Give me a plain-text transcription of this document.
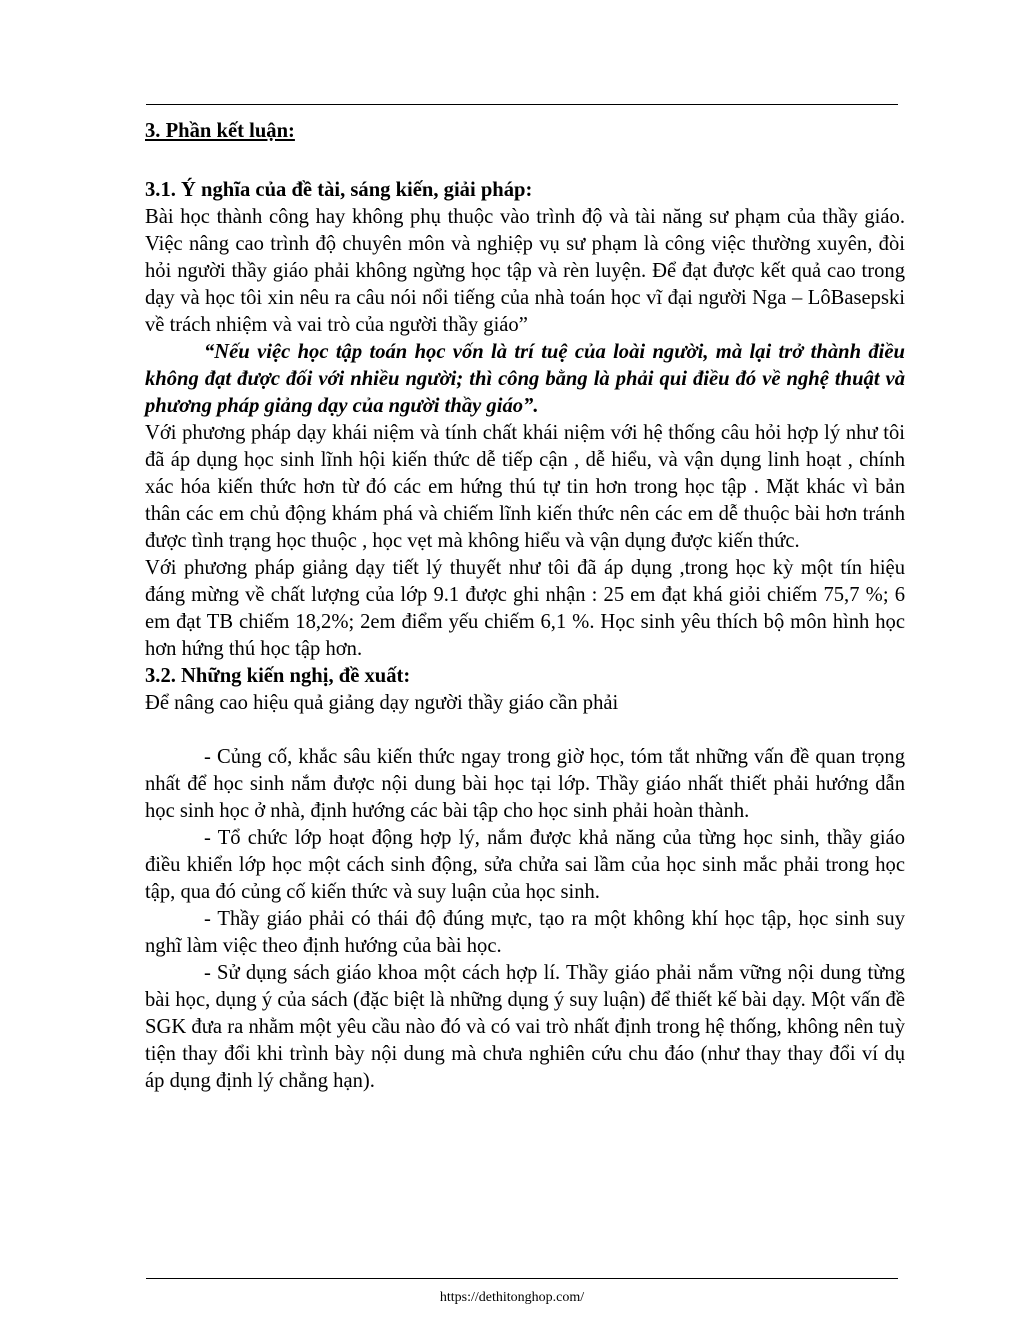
3. Phần kết luận:

3.1. Ý nghĩa của đề tài, sáng kiến, giải pháp:

Bài học thành công hay không phụ thuộc vào trình độ và tài năng sư phạm của thầy giáo. Việc nâng cao trình độ chuyên môn và nghiệp vụ sư phạm là công việc thường xuyên, đòi hỏi người thầy giáo phải không ngừng học tập và rèn luyện. Để đạt được kết quả cao trong dạy và học tôi xin nêu ra câu nói nổi tiếng của nhà toán học vĩ đại người Nga – LôBasepski về trách nhiệm và vai trò của người thầy giáo”

“Nếu việc học tập toán học vốn là trí tuệ của loài người, mà lại trở thành điều không đạt được đối với nhiều người; thì công bằng là phải qui điều đó về nghệ thuật và phương pháp giảng dạy của người thầy giáo”.

Với phương pháp dạy khái niệm và tính chất khái niệm với hệ thống câu hỏi hợp lý như tôi đã áp dụng học sinh lĩnh hội kiến thức dễ tiếp cận , dễ hiểu, và vận dụng linh hoạt , chính xác hóa kiến thức hơn từ đó các em hứng thú tự tin hơn trong học tập . Mặt khác vì bản thân các em chủ động khám phá và chiếm lĩnh kiến thức nên các em dễ thuộc bài hơn tránh được tình trạng học thuộc , học vẹt mà không hiểu và vận dụng được kiến thức.

Với phương pháp giảng dạy tiết lý thuyết như tôi đã áp dụng ,trong học kỳ một tín hiệu đáng mừng về chất lượng của lớp 9.1 được ghi nhận : 25 em đạt khá giỏi chiếm 75,7 %; 6 em đạt TB chiếm 18,2%; 2em điểm yếu chiếm 6,1 %. Học sinh yêu thích bộ môn hình học hơn hứng thú học tập hơn.

3.2. Những kiến nghị, đề xuất:

Để nâng cao hiệu quả giảng dạy người thầy giáo cần phải

- Củng cố, khắc sâu kiến thức ngay trong giờ học, tóm tắt những vấn đề quan trọng nhất để học sinh nắm được nội dung bài học tại lớp. Thầy giáo nhất thiết phải hướng dẫn học sinh học ở nhà, định hướng các bài tập cho học sinh phải hoàn thành.

- Tổ chức lớp hoạt động hợp lý, nắm được khả năng của từng học sinh, thầy giáo điều khiển lớp học một cách sinh động, sửa chửa sai lầm của học sinh mắc phải trong học tập, qua đó củng cố kiến thức và suy luận của học sinh.

- Thầy giáo phải có thái độ đúng mực, tạo ra một không khí học tập, học sinh suy nghĩ làm việc theo định hướng của bài học.

- Sử dụng sách giáo khoa một cách hợp lí. Thầy giáo phải nắm vững nội dung từng bài học, dụng ý của sách (đặc biệt là những dụng ý suy luận) để thiết kế bài dạy. Một vấn đề SGK đưa ra nhằm một yêu cầu nào đó và có vai trò nhất định trong hệ thống, không nên tuỳ tiện thay đổi khi trình bày nội dung mà chưa nghiên cứu chu đáo (như thay thay đổi ví dụ áp dụng định lý chẳng hạn).

https://dethitonghop.com/
